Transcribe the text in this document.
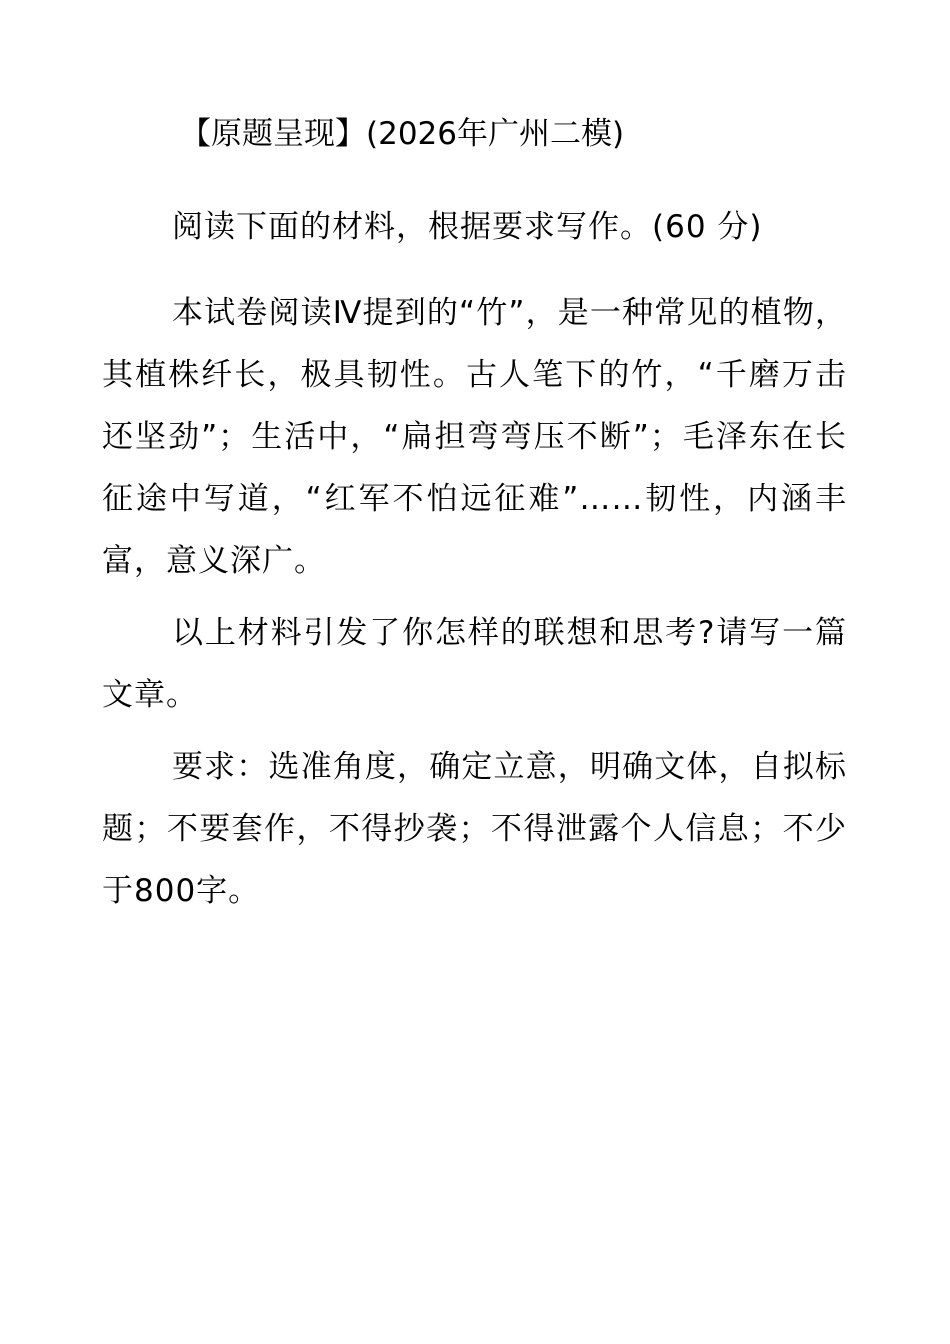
【原题呈现】(2026年广州二模)

阅读下面的材料，根据要求写作。(60 分)

本试卷阅读Ⅳ提到的“竹”，是一种常见的植物，其植株纤长，极具韧性。古人笔下的竹，“千磨万击还坚劲”；生活中，“扁担弯弯压不断”；毛泽东在长征途中写道，“红军不怕远征难”……韧性，内涵丰富，意义深广。

以上材料引发了你怎样的联想和思考?请写一篇文章。

要求：选准角度，确定立意，明确文体，自拟标题；不要套作，不得抄袭；不得泄露个人信息；不少于800字。
